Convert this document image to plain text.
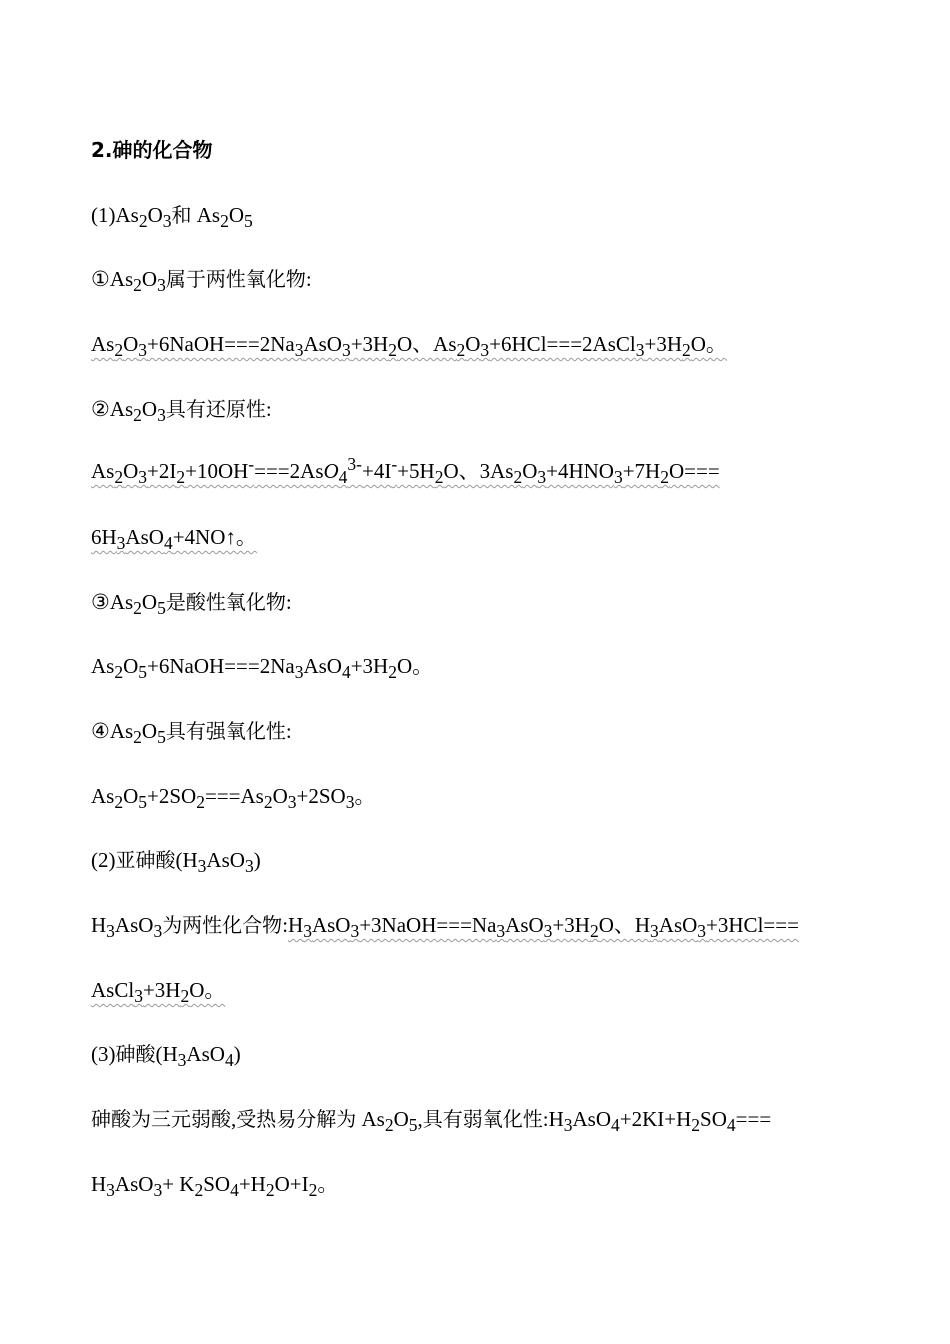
2.砷的化合物
$(1)As_2O_3$和 $As_2O_5$
$①As_2O_3$属于两性氧化物:
$As_2O_3+6NaOH===2Na_3AsO_3+3H_2O$、$As_2O_3+6HCl===2AsCl_3+3H_2O$。
$②As_2O_3$具有还原性:
$As_2O_3+2I_2+10OH^-===2AsO_4^{3-}+4I^-+5H_2O$、$3As_2O_3+4HNO_3+7H_2O===$
$6H_3AsO_4+4NO↑$。
$③As_2O_5$是酸性氧化物:
$As_2O_5+6NaOH===2Na_3AsO_4+3H_2O$。
$④As_2O_5$具有强氧化性:
$As_2O_5+2SO_2===As_2O_3+2SO_3$。
(2)亚砷酸$(H_3AsO_3)$
$H_3AsO_3$为两性化合物$:H_3AsO_3+3NaOH===Na_3AsO_3+3H_2O$、$H_3AsO_3+3HCl===$
$AsCl_3+3H_2O$。
(3)砷酸$(H_3AsO_4)$
砷酸为三元弱酸,受热易分解为 $As_2O_5$,具有弱氧化性$:H_3AsO_4+2KI+H_2SO_4===$
$H_3AsO_3+ K_2SO_4+H_2O+I_2$。
